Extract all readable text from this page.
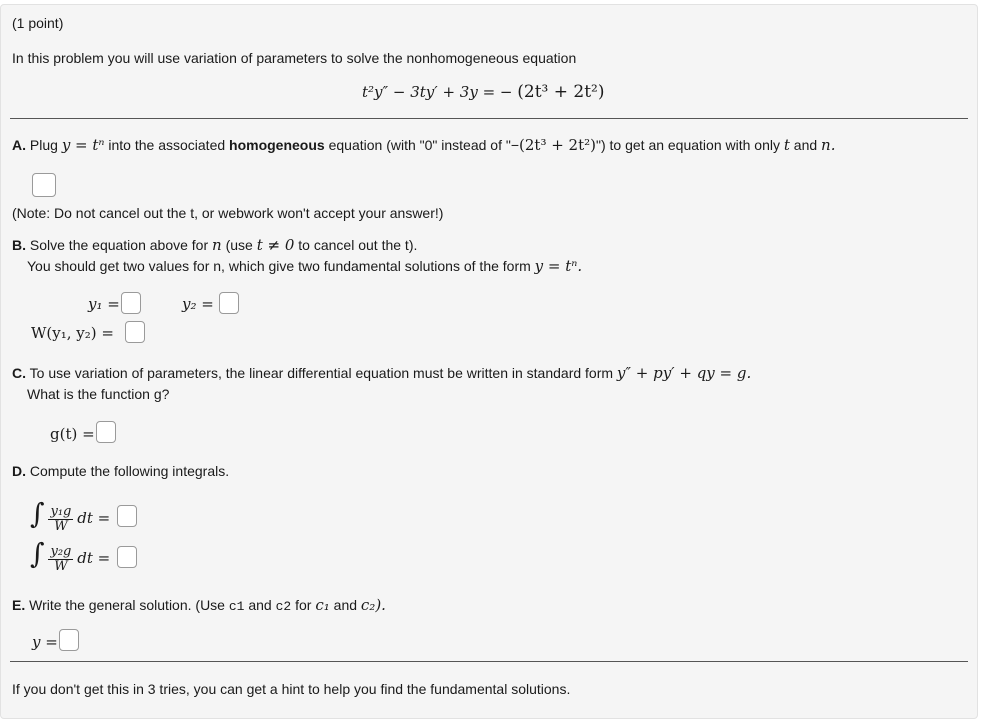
(1 point)
In this problem you will use variation of parameters to solve the nonhomogeneous equation
t²y″ − 3ty′ + 3y = − (2t³ + 2t²)
A. Plug y = tⁿ into the associated homogeneous equation (with "0" instead of "−(2t³ + 2t²)") to get an equation with only t and n.
(Note: Do not cancel out the t, or webwork won't accept your answer!)
B. Solve the equation above for n (use t ≠ 0 to cancel out the t).
You should get two values for n, which give two fundamental solutions of the form y = tⁿ.
y₁ =	y₂ =
W(y₁, y₂) =
C. To use variation of parameters, the linear differential equation must be written in standard form y″ + py′ + qy = g.
What is the function g?
g(t) =
D. Compute the following integrals.
∫ $\frac{\text{y₁g}}{W}$ dt =
∫ $\frac{\text{y₂g}}{W}$ dt =
E. Write the general solution. (Use c1 and c2 for c₁ and c₂).
y =
If you don't get this in 3 tries, you can get a hint to help you find the fundamental solutions.
